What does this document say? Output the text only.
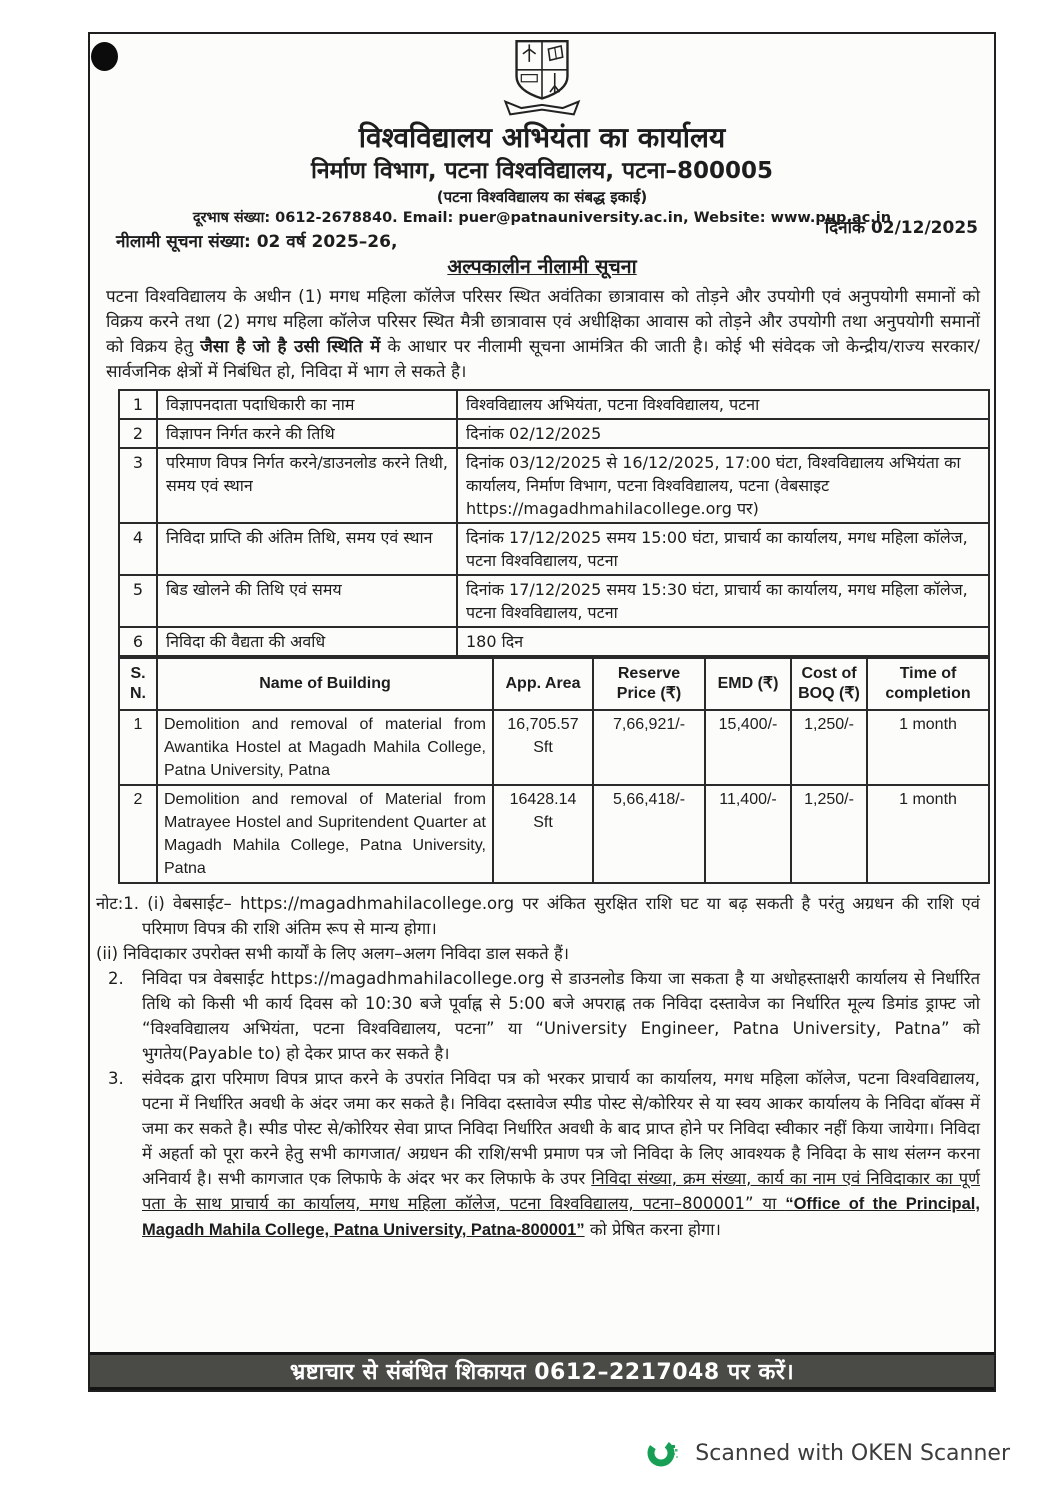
विश्वविद्यालय अभियंता का कार्यालय
निर्माण विभाग, पटना विश्वविद्यालय, पटना–800005
(पटना विश्वविद्यालय का संबद्ध इकाई)
दूरभाष संख्या: 0612-2678840. Email: puer@patnauniversity.ac.in, Website: www.pup.ac.in
नीलामी सूचना संख्या: 02 वर्ष 2025–26,
दिनांक 02/12/2025
अल्पकालीन नीलामी सूचना
पटना विश्वविद्यालय के अधीन (1) मगध महिला कॉलेज परिसर स्थित अवंतिका छात्रावास को तोड़ने और उपयोगी एवं अनुपयोगी समानों को विक्रय करने तथा (2) मगध महिला कॉलेज परिसर स्थित मैत्री छात्रावास एवं अधीक्षिका आवास को तोड़ने और उपयोगी तथा अनुपयोगी समानों को विक्रय हेतु जैसा है जो है उसी स्थिति में के आधार पर नीलामी सूचना आमंत्रित की जाती है। कोई भी संवेदक जो केन्द्रीय/राज्य सरकार/सार्वजनिक क्षेत्रों में निबंधित हो, निविदा में भाग ले सकते है।
1	विज्ञापनदाता पदाधिकारी का नाम	विश्वविद्यालय अभियंता, पटना विश्वविद्यालय, पटना
2	विज्ञापन निर्गत करने की तिथि	दिनांक 02/12/2025
3	परिमाण विपत्र निर्गत करने/डाउनलोड करने तिथी, समय एवं स्थान	दिनांक 03/12/2025 से 16/12/2025, 17:00 घंटा, विश्वविद्यालय अभियंता का कार्यालय, निर्माण विभाग, पटना विश्वविद्यालय, पटना (वेबसाइट https://magadhmahilacollege.org पर)
4	निविदा प्राप्ति की अंतिम तिथि, समय एवं स्थान	दिनांक 17/12/2025 समय 15:00 घंटा, प्राचार्य का कार्यालय, मगध महिला कॉलेज, पटना विश्वविद्यालय, पटना
5	बिड खोलने की तिथि एवं समय	दिनांक 17/12/2025 समय 15:30 घंटा, प्राचार्य का कार्यालय, मगध महिला कॉलेज, पटना विश्वविद्यालय, पटना
6	निविदा की वैद्यता की अवधि	180 दिन
S. N.	Name of Building	App. Area	Reserve Price (₹)	EMD (₹)	Cost of BOQ (₹)	Time of completion
1	Demolition and removal of material from Awantika Hostel at Magadh Mahila College, Patna University, Patna	16,705.57 Sft	7,66,921/-	15,400/-	1,250/-	1 month
2	Demolition and removal of Material from Matrayee Hostel and Supritendent Quarter at Magadh Mahila College, Patna University, Patna	16428.14 Sft	5,66,418/-	11,400/-	1,250/-	1 month
नोट:1. (i) वेबसाईट– https://magadhmahilacollege.org पर अंकित सुरक्षित राशि घट या बढ़ सकती है परंतु अग्रधन की राशि एवं परिमाण विपत्र की राशि अंतिम रूप से मान्य होगा।
(ii) निविदाकार उपरोक्त सभी कार्यों के लिए अलग–अलग निविदा डाल सकते हैं।
2.	निविदा पत्र वेबसाईट https://magadhmahilacollege.org से डाउनलोड किया जा सकता है या अधोहस्ताक्षरी कार्यालय से निर्धारित तिथि को किसी भी कार्य दिवस को 10:30 बजे पूर्वाह्न से 5:00 बजे अपराह्न तक निविदा दस्तावेज का निर्धारित मूल्य डिमांड ड्राफ्ट जो “विश्वविद्यालय अभियंता, पटना विश्वविद्यालय, पटना” या “University Engineer, Patna University, Patna” को भुगतेय(Payable to) हो देकर प्राप्त कर सकते है।
3.	संवेदक द्वारा परिमाण विपत्र प्राप्त करने के उपरांत निविदा पत्र को भरकर प्राचार्य का कार्यालय, मगध महिला कॉलेज, पटना विश्वविद्यालय, पटना में निर्धारित अवधी के अंदर जमा कर सकते है। निविदा दस्तावेज स्पीड पोस्ट से/कोरियर से या स्वय आकर कार्यालय के निविदा बॉक्स में जमा कर सकते है। स्पीड पोस्ट से/कोरियर सेवा प्राप्त निविदा निर्धारित अवधी के बाद प्राप्त होने पर निविदा स्वीकार नहीं किया जायेगा। निविदा में अहर्ता को पूरा करने हेतु सभी कागजात/ अग्रधन की राशि/सभी प्रमाण पत्र जो निविदा के लिए आवश्यक है निविदा के साथ संलग्न करना अनिवार्य है। सभी कागजात एक लिफाफे के अंदर भर कर लिफाफे के उपर निविदा संख्या, क्रम संख्या, कार्य का नाम एवं निविदाकार का पूर्ण पता के साथ प्राचार्य का कार्यालय, मगध महिला कॉलेज, पटना विश्वविद्यालय, पटना–800001” या “Office of the Principal, Magadh Mahila College, Patna University, Patna-800001” को प्रेषित करना होगा।
भ्रष्टाचार से संबंधित शिकायत 0612–2217048 पर करें।
Scanned with OKEN Scanner
